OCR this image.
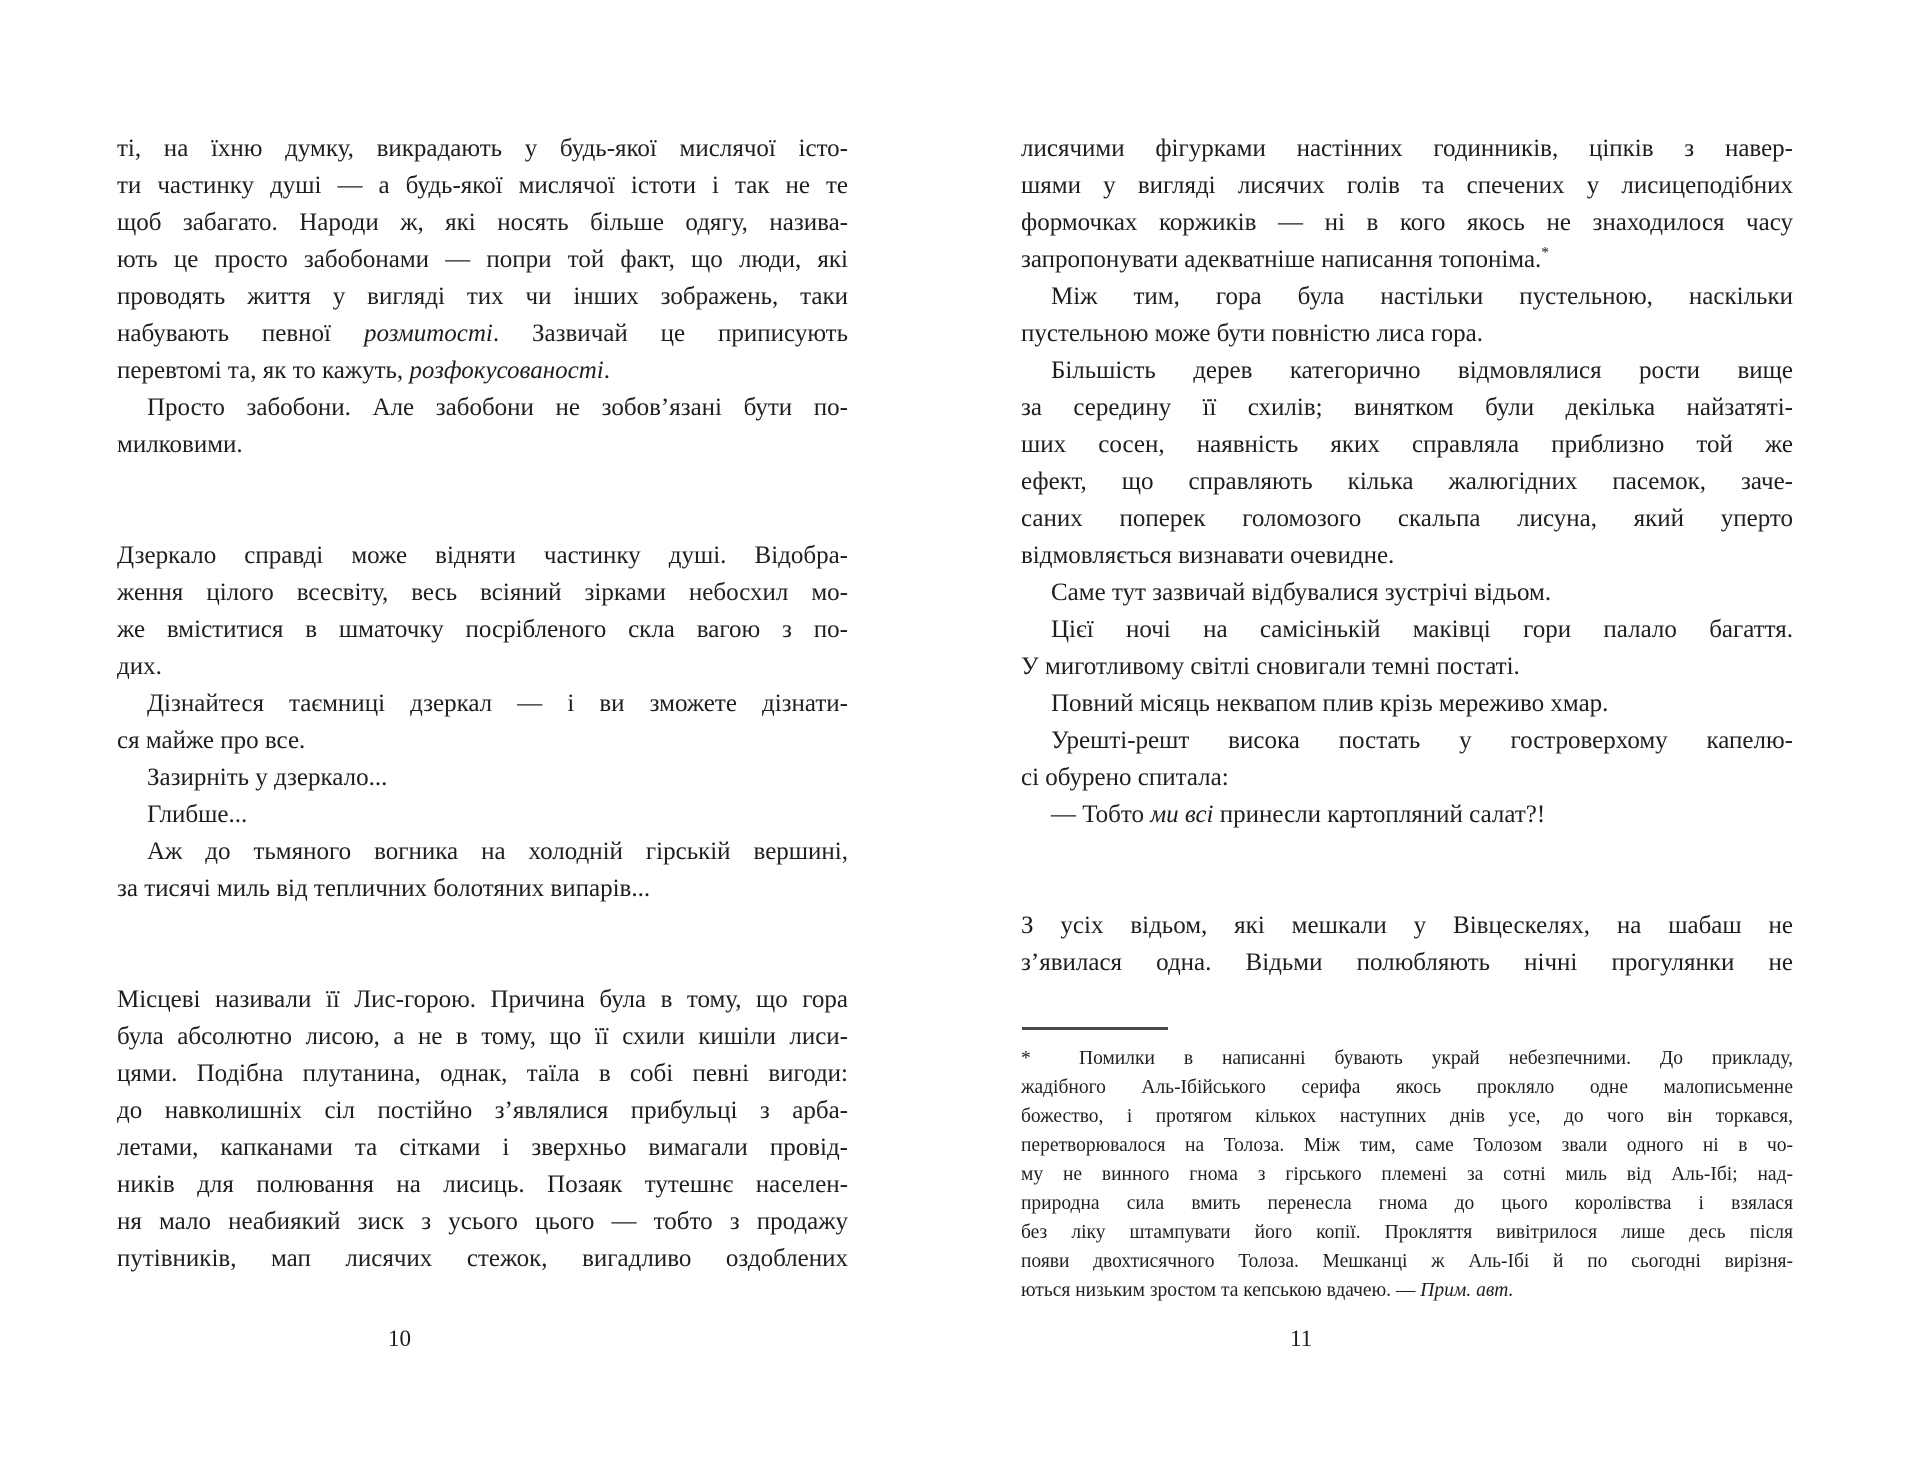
ті, на їхню думку, викрадають у будь-якої мислячої істо-
ти частинку душі — а будь-якої мислячої істоти і так не те
щоб забагато. Народи ж, які носять більше одягу, назива-
ють це просто забобонами — попри той факт, що люди, які
проводять життя у вигляді тих чи інших зображень, таки
набувають певної розмитості. Зазвичай це приписують
перевтомі та, як то кажуть, розфокусованості.
Просто забобони. Але забобони не зобов’язані бути по-
милковими.
Дзеркало справді може відняти частинку душі. Відобра-
ження цілого всесвіту, весь всіяний зірками небосхил мо-
же вміститися в шматочку посрібленого скла вагою з по-
дих.
Дізнайтеся таємниці дзеркал — і ви зможете дізнати-
ся майже про все.
Зазирніть у дзеркало...
Глибше...
Аж до тьмяного вогника на холодній гірській вершині,
за тисячі миль від тепличних болотяних випарів...
Місцеві називали її Лис-горою. Причина була в тому, що гора
була абсолютно лисою, а не в тому, що її схили кишіли лиси-
цями. Подібна плутанина, однак, таїла в собі певні вигоди:
до навколишніх сіл постійно з’являлися прибульці з арба-
летами, капканами та сітками і зверхньо вимагали провід-
ників для полювання на лисиць. Позаяк тутешнє населен-
ня мало неабиякий зиск з усього цього — тобто з продажу
путівників, мап лисячих стежок, вигадливо оздоблених
лисячими фігурками настінних годинників, ціпків з навер-
шями у вигляді лисячих голів та спечених у лисицеподібних
формочках коржиків — ні в кого якось не знаходилося часу
запропонувати адекватніше написання топоніма.*
Між тим, гора була настільки пустельною, наскільки
пустельною може бути повністю лиса гора.
Більшість дерев категорично відмовлялися рости вище
за середину її схилів; винятком були декілька найзатяті-
ших сосен, наявність яких справляла приблизно той же
ефект, що справляють кілька жалюгідних пасемок, заче-
саних поперек голомозого скальпа лисуна, який уперто
відмовляється визнавати очевидне.
Саме тут зазвичай відбувалися зустрічі відьом.
Цієї ночі на самісінькій маківці гори палало багаття.
У миготливому світлі сновигали темні постаті.
Повний місяць неквапом плив крізь мереживо хмар.
Урешті-решт висока постать у гостроверхому капелю-
сі обурено спитала:
— Тобто ми всі принесли картопляний салат?!
З усіх відьом, які мешкали у Вівцескелях, на шабаш не
з’явилася одна. Відьми полюбляють нічні прогулянки не
* Помилки в написанні бувають украй небезпечними. До прикладу,
жадібного Аль-Ібійського серифа якось прокляло одне малописьменне
божество, і протягом кількох наступних днів усе, до чого він торкався,
перетворювалося на Толоза. Між тим, саме Толозом звали одного ні в чо-
му не винного гнома з гірського племені за сотні миль від Аль-Ібі; над-
природна сила вмить перенесла гнома до цього королівства і взялася
без ліку штампувати його копії. Прокляття вивітрилося лише десь після
появи двохтисячного Толоза. Мешканці ж Аль-Ібі й по сьогодні вирізня-
ються низьким зростом та кепською вдачею. — Прим. авт.
10	11
